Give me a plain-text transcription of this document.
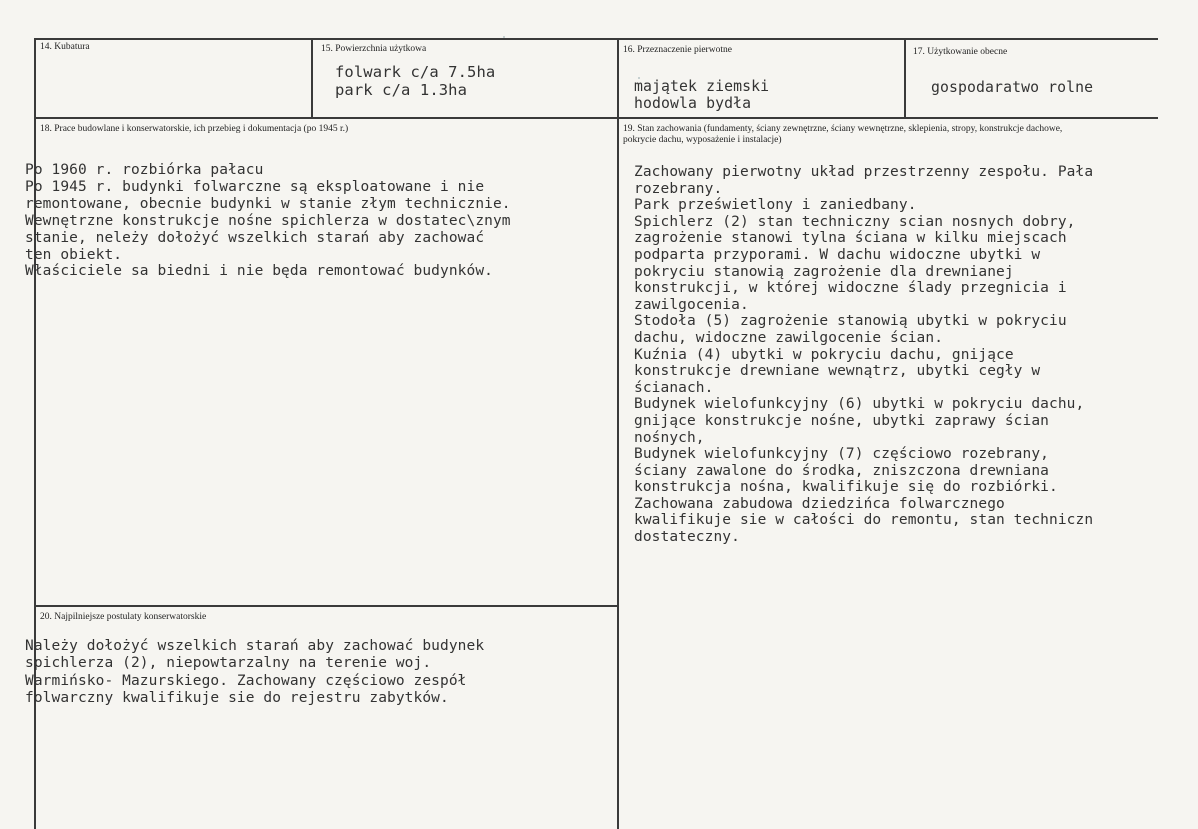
14. Kubatura	15. Powierzchnia użytkowa
folwark c/a 7.5ha
park c/a 1.3ha
16. Przeznaczenie pierwotne
majątek ziemski
hodowla bydła
17. Użytkowanie obecne
gospodaratwo rolne
18. Prace budowlane i konserwatorskie, ich przebieg i dokumentacja (po 1945 r.)
Po 1960 r. rozbiórka pałacu
Po 1945 r. budynki folwarczne są eksploatowane i nie
remontowane, obecnie budynki w stanie złym technicznie.
Wewnętrzne konstrukcje nośne spichlerza w dostatec\znym
stanie, neleży dołożyć wszelkich starań aby zachować
ten obiekt.
Właściciele sa biedni i nie będa remontować budynków.
19. Stan zachowania (fundamenty, ściany zewnętrzne, ściany wewnętrzne, sklepienia, stropy, konstrukcje dachowe,
pokrycie dachu, wyposażenie i instalacje)
Zachowany pierwotny układ przestrzenny zespołu. Pała
rozebrany.
Park prześwietlony i zaniedbany.
Spichlerz (2) stan techniczny scian nosnych dobry,
zagrożenie stanowi tylna ściana w kilku miejscach
podparta przyporami. W dachu widoczne ubytki w
pokryciu stanowią zagrożenie dla drewnianej
konstrukcji, w której widoczne ślady przegnicia i
zawilgocenia.
Stodoła (5) zagrożenie stanowią ubytki w pokryciu
dachu, widoczne zawilgocenie ścian.
Kuźnia (4) ubytki w pokryciu dachu, gnijące
konstrukcje drewniane wewnątrz, ubytki cegły w
ścianach.
Budynek wielofunkcyjny (6) ubytki w pokryciu dachu,
gnijące konstrukcje nośne, ubytki zaprawy ścian
nośnych,
Budynek wielofunkcyjny (7) częściowo rozebrany,
ściany zawalone do środka, zniszczona drewniana
konstrukcja nośna, kwalifikuje się do rozbiórki.
Zachowana zabudowa dziedzińca folwarcznego
kwalifikuje sie w całości do remontu, stan techniczn
dostateczny.
20. Najpilniejsze postulaty konserwatorskie
Należy dołożyć wszelkich starań aby zachować budynek
spichlerza (2), niepowtarzalny na terenie woj.
Warmińsko- Mazurskiego. Zachowany częściowo zespół
folwarczny kwalifikuje sie do rejestru zabytków.
